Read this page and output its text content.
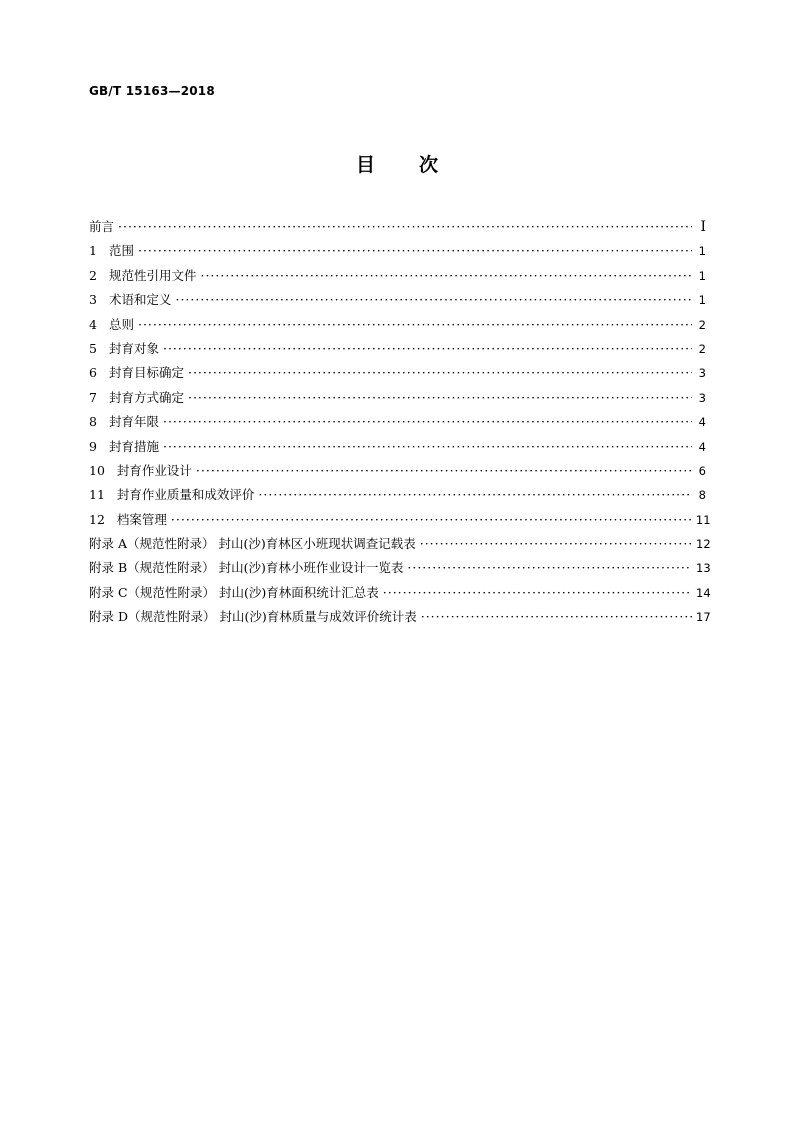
GB/T 15163—2018
目 次
前言 ·····	I
1 范围 ·····	1
2 规范性引用文件 ·····	1
3 术语和定义 ·····	1
4 总则 ·····	2
5 封育对象 ·····	2
6 封育目标确定 ·····	3
7 封育方式确定 ·····	3
8 封育年限 ·····	4
9 封育措施 ·····	4
10 封育作业设计 ·····	6
11 封育作业质量和成效评价 ·····	8
12 档案管理 ·····	11
附录 A（规范性附录） 封山(沙)育林区小班现状调查记载表 ·····	12
附录 B（规范性附录） 封山(沙)育林小班作业设计一览表 ·····	13
附录 C（规范性附录） 封山(沙)育林面积统计汇总表 ·····	14
附录 D（规范性附录） 封山(沙)育林质量与成效评价统计表 ·····	17
